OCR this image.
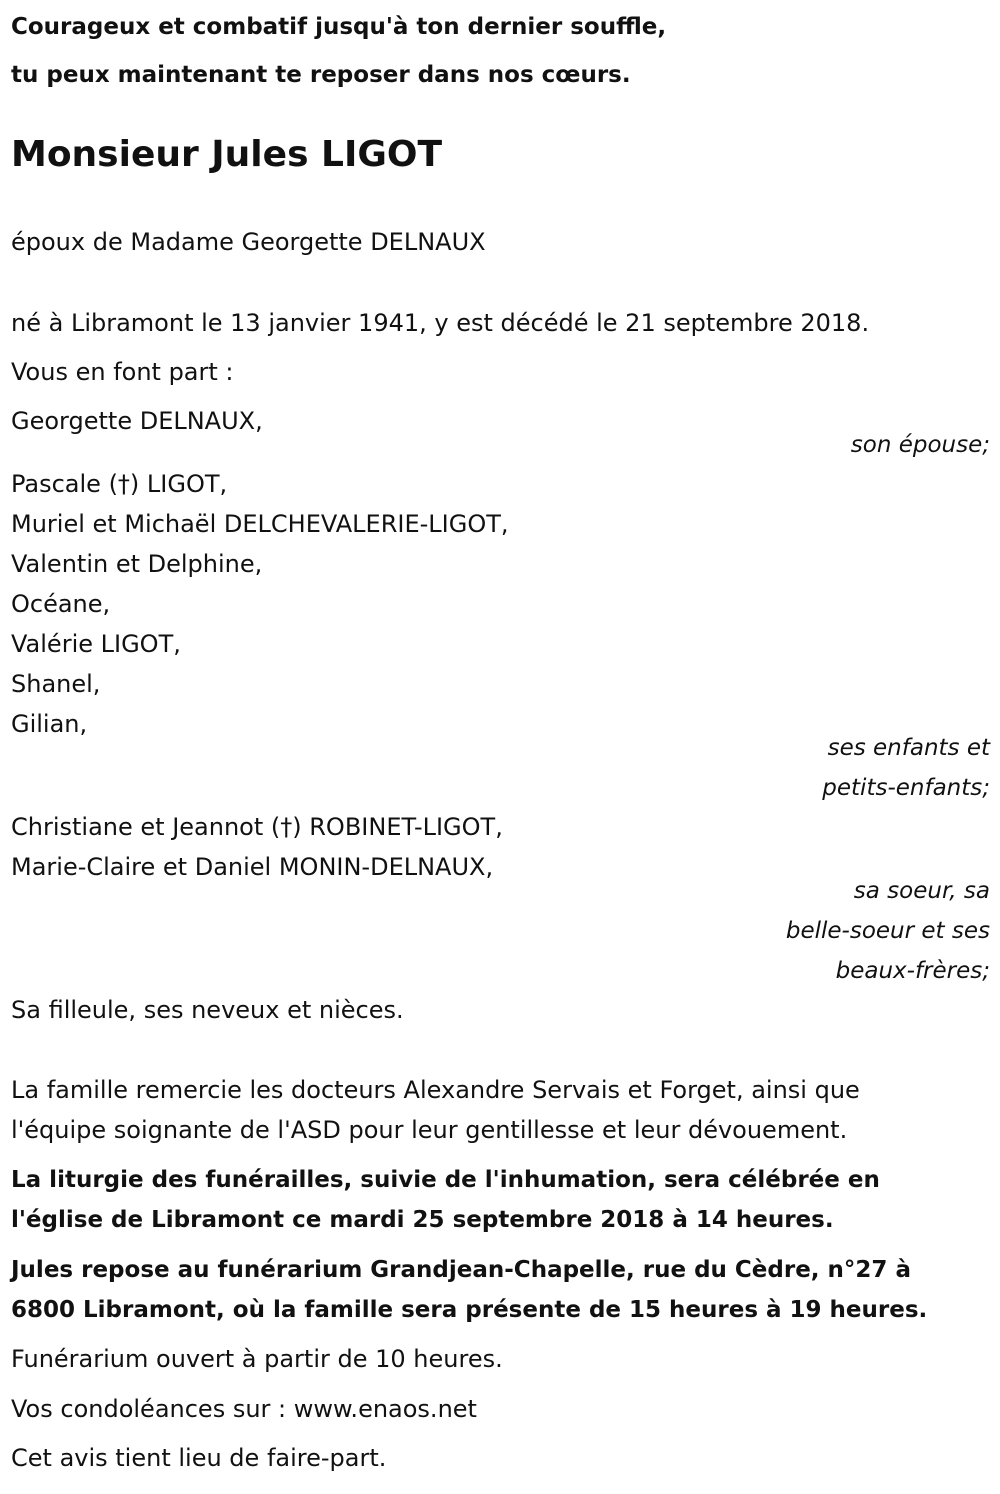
Courageux et combatif jusqu'à ton dernier souffle,
tu peux maintenant te reposer dans nos cœurs.
Monsieur Jules LIGOT
époux de Madame Georgette DELNAUX
né à Libramont le 13 janvier 1941, y est décédé le 21 septembre 2018.
Vous en font part :
Georgette DELNAUX,
son épouse;
Pascale (†) LIGOT,
Muriel et Michaël DELCHEVALERIE-LIGOT,
Valentin et Delphine,
Océane,
Valérie LIGOT,
Shanel,
Gilian,
ses enfants et
petits-enfants;
Christiane et Jeannot (†) ROBINET-LIGOT,
Marie-Claire et Daniel MONIN-DELNAUX,
sa soeur, sa
belle-soeur et ses
beaux-frères;
Sa filleule, ses neveux et nièces.
La famille remercie les docteurs Alexandre Servais et Forget, ainsi que
l'équipe soignante de l'ASD pour leur gentillesse et leur dévouement.
La liturgie des funérailles, suivie de l'inhumation, sera célébrée en
l'église de Libramont ce mardi 25 septembre 2018 à 14 heures.
Jules repose au funérarium Grandjean-Chapelle, rue du Cèdre, n°27 à
6800 Libramont, où la famille sera présente de 15 heures à 19 heures.
Funérarium ouvert à partir de 10 heures.
Vos condoléances sur : www.enaos.net
Cet avis tient lieu de faire-part.
